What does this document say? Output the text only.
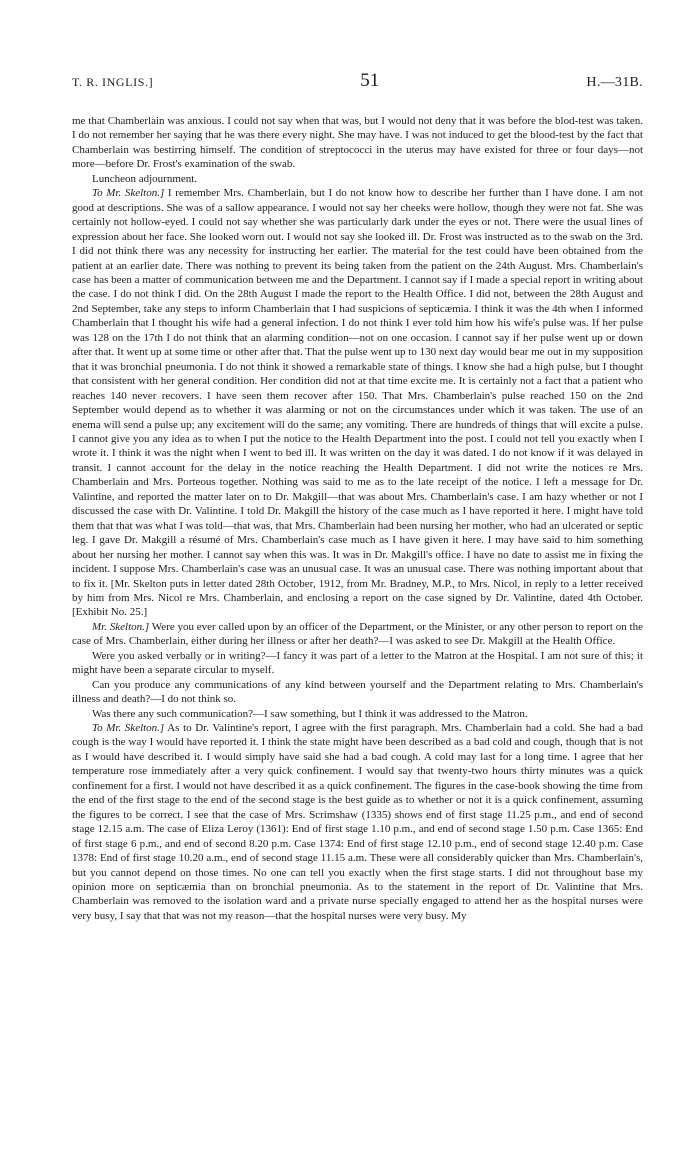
T. R. INGLIS.]	51	H.—31B.

me that Chamberlain was anxious. I could not say when that was, but I would not deny that it was before the blod-test was taken. I do not remember her saying that he was there every night. She may have. I was not induced to get the blood-test by the fact that Chamberlain was bestirring himself. The condition of streptococci in the uterus may have existed for three or four days—not more—before Dr. Frost's examination of the swab.

Luncheon adjournment.

To Mr. Skelton.] I remember Mrs. Chamberlain, but I do not know how to describe her further than I have done. I am not good at descriptions. She was of a sallow appearance. I would not say her cheeks were hollow, though they were not fat. She was certainly not hollow-eyed. I could not say whether she was particularly dark under the eyes or not. There were the usual lines of expression about her face. She looked worn out. I would not say she looked ill. Dr. Frost was instructed as to the swab on the 3rd. I did not think there was any necessity for instructing her earlier. The material for the test could have been obtained from the patient at an earlier date. There was nothing to prevent its being taken from the patient on the 24th August. Mrs. Chamberlain's case has been a matter of communication between me and the Department. I cannot say if I made a special report in writing about the case. I do not think I did. On the 28th August I made the report to the Health Office. I did not, between the 28th August and 2nd September, take any steps to inform Chamberlain that I had suspicions of septicæmia. I think it was the 4th when I informed Chamberlain that I thought his wife had a general infection. I do not think I ever told him how his wife's pulse was. If her pulse was 128 on the 17th I do not think that an alarming condition—not on one occasion. I cannot say if her pulse went up or down after that. It went up at some time or other after that. That the pulse went up to 130 next day would bear me out in my supposition that it was bronchial pneumonia. I do not think it showed a remarkable state of things. I know she had a high pulse, but I thought that consistent with her general condition. Her condition did not at that time excite me. It is certainly not a fact that a patient who reaches 140 never recovers. I have seen them recover after 150. That Mrs. Chamberlain's pulse reached 150 on the 2nd September would depend as to whether it was alarming or not on the circumstances under which it was taken. The use of an enema will send a pulse up; any excitement will do the same; any vomiting. There are hundreds of things that will excite a pulse. I cannot give you any idea as to when I put the notice to the Health Department into the post. I could not tell you exactly when I wrote it. I think it was the night when I went to bed ill. It was written on the day it was dated. I do not know if it was delayed in transit. I cannot account for the delay in the notice reaching the Health Department. I did not write the notices re Mrs. Chamberlain and Mrs. Porteous together. Nothing was said to me as to the late receipt of the notice. I left a message for Dr. Valintine, and reported the matter later on to Dr. Makgill—that was about Mrs. Chamberlain's case. I am hazy whether or not I discussed the case with Dr. Valintine. I told Dr. Makgill the history of the case much as I have reported it here. I might have told them that that was what I was told—that was, that Mrs. Chamberlain had been nursing her mother, who had an ulcerated or septic leg. I gave Dr. Makgill a résumé of Mrs. Chamberlain's case much as I have given it here. I may have said to him something about her nursing her mother. I cannot say when this was. It was in Dr. Makgill's office. I have no date to assist me in fixing the incident. I suppose Mrs. Chamberlain's case was an unusual case. It was an unusual case. There was nothing important about that to fix it. [Mr. Skelton puts in letter dated 28th October, 1912, from Mr. Bradney, M.P., to Mrs. Nicol, in reply to a letter received by him from Mrs. Nicol re Mrs. Chamberlain, and enclosing a report on the case signed by Dr. Valintine, dated 4th October. [Exhibit No. 25.]

Mr. Skelton.] Were you ever called upon by an officer of the Department, or the Minister, or any other person to report on the case of Mrs. Chamberlain, either during her illness or after her death?—I was asked to see Dr. Makgill at the Health Office.

Were you asked verbally or in writing?—I fancy it was part of a letter to the Matron at the Hospital. I am not sure of this; it might have been a separate circular to myself.

Can you produce any communications of any kind between yourself and the Department relating to Mrs. Chamberlain's illness and death?—I do not think so.

Was there any such communication?—I saw something, but I think it was addressed to the Matron.

To Mr. Skelton.] As to Dr. Valintine's report, I agree with the first paragraph. Mrs. Chamberlain had a cold. She had a bad cough is the way I would have reported it. I think the state might have been described as a bad cold and cough, though that is not as I would have described it. I would simply have said she had a bad cough. A cold may last for a long time. I agree that her temperature rose immediately after a very quick confinement. I would say that twenty-two hours thirty minutes was a quick confinement for a first. I would not have described it as a quick confinement. The figures in the case-book showing the time from the end of the first stage to the end of the second stage is the best guide as to whether or not it is a quick confinement, assuming the figures to be correct. I see that the case of Mrs. Scrimshaw (1335) shows end of first stage 11.25 p.m., and end of second stage 12.15 a.m. The case of Eliza Leroy (1361): End of first stage 1.10 p.m., and end of second stage 1.50 p.m. Case 1365: End of first stage 6 p.m., and end of second 8.20 p.m. Case 1374: End of first stage 12.10 p.m., end of second stage 12.40 p.m. Case 1378: End of first stage 10.20 a.m., end of second stage 11.15 a.m. These were all considerably quicker than Mrs. Chamberlain's, but you cannot depend on those times. No one can tell you exactly when the first stage starts. I did not throughout base my opinion more on septicæmia than on bronchial pneumonia. As to the statement in the report of Dr. Valintine that Mrs. Chamberlain was removed to the isolation ward and a private nurse specially engaged to attend her as the hospital nurses were very busy, I say that that was not my reason—that the hospital nurses were very busy. My
